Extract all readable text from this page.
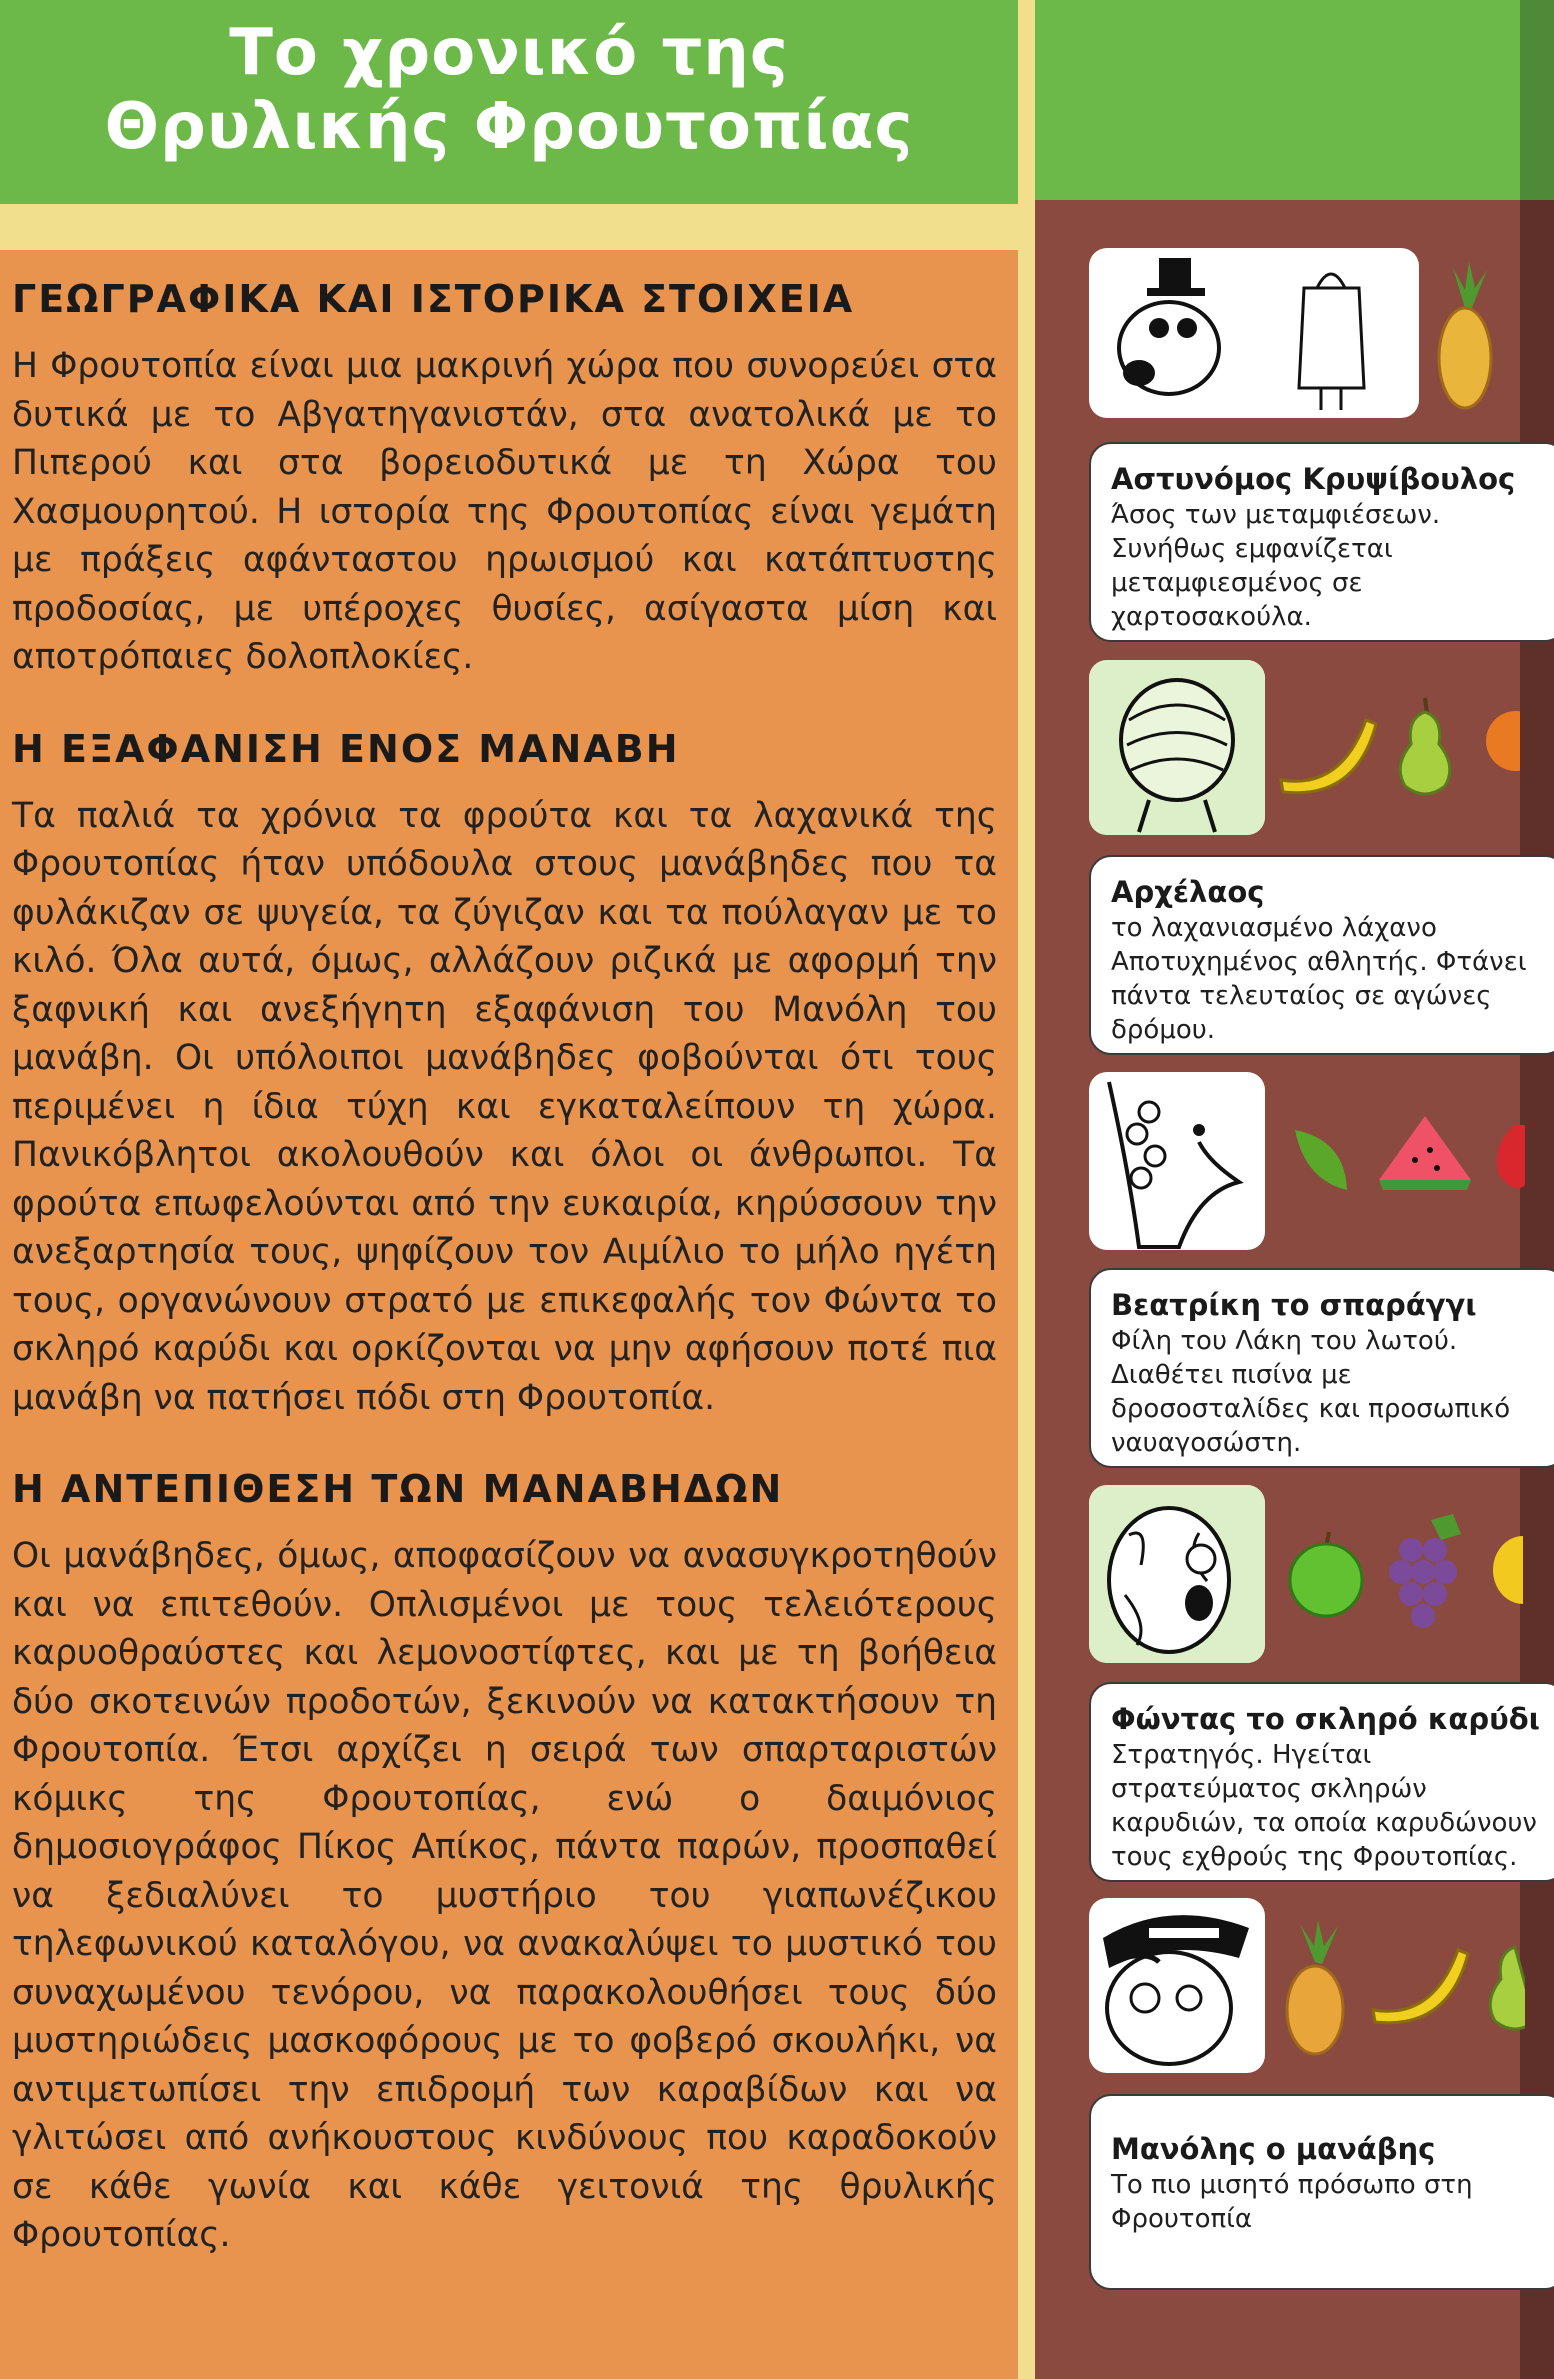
Το χρονικό της
Θρυλικής Φρουτοπίας
ΓΕΩΓΡΑΦΙΚΑ ΚΑΙ ΙΣΤΟΡΙΚΑ ΣΤΟΙΧΕΙΑ

Η Φρουτοπία είναι μια μακρινή χώρα που συνορεύει στα δυτικά με το Αβγατηγανιστάν, στα ανατολικά με το Πιπερού και στα βορειοδυτικά με τη Χώρα του Χασμουρητού. Η ιστορία της Φρουτοπίας είναι γεμάτη με πράξεις αφάνταστου ηρωισμού και κατάπτυστης προδοσίας, με υπέροχες θυσίες, ασίγαστα μίση και αποτρόπαιες δολοπλοκίες.

Η ΕΞΑΦΑΝΙΣΗ ΕΝΟΣ ΜΑΝΑΒΗ

Τα παλιά τα χρόνια τα φρούτα και τα λαχανικά της Φρουτοπίας ήταν υπόδουλα στους μανάβηδες που τα φυλάκιζαν σε ψυγεία, τα ζύγιζαν και τα πούλαγαν με το κιλό. Όλα αυτά, όμως, αλλάζουν ριζικά με αφορμή την ξαφνική και ανεξήγητη εξαφάνιση του Μανόλη του μανάβη. Οι υπόλοιποι μανάβηδες φοβούνται ότι τους περιμένει η ίδια τύχη και εγκαταλείπουν τη χώρα. Πανικόβλητοι ακολουθούν και όλοι οι άνθρωποι. Τα φρούτα επωφελούνται από την ευκαιρία, κηρύσσουν την ανεξαρτησία τους, ψηφίζουν τον Αιμίλιο το μήλο ηγέτη τους, οργανώνουν στρατό με επικεφαλής τον Φώντα το σκληρό καρύδι και ορκίζονται να μην αφήσουν ποτέ πια μανάβη να πατήσει πόδι στη Φρουτοπία.

Η ΑΝΤΕΠΙΘΕΣΗ ΤΩΝ ΜΑΝΑΒΗΔΩΝ

Οι μανάβηδες, όμως, αποφασίζουν να ανασυγκροτηθούν και να επιτεθούν. Οπλισμένοι με τους τελειότερους καρυοθραύστες και λεμονοστίφτες, και με τη βοήθεια δύο σκοτεινών προδοτών, ξεκινούν να κατακτήσουν τη Φρουτοπία. Έτσι αρχίζει η σειρά των σπαρταριστών κόμικς της Φρουτοπίας, ενώ ο δαιμόνιος δημοσιογράφος Πίκος Απίκος, πάντα παρών, προσπαθεί να ξεδιαλύνει το μυστήριο του γιαπωνέζικου τηλεφωνικού καταλόγου, να ανακαλύψει το μυστικό του συναχωμένου τενόρου, να παρακολουθήσει τους δύο μυστηριώδεις μασκοφόρους με το φοβερό σκουλήκι, να αντιμετωπίσει την επιδρομή των καραβίδων και να γλιτώσει από ανήκουστους κινδύνους που καραδοκούν σε κάθε γωνία και κάθε γειτονιά της θρυλικής Φρουτοπίας.

Αστυνόμος Κρυψίβουλος
Άσος των μεταμφιέσεων. Συνήθως εμφανίζεται μεταμφιεσμένος σε χαρτοσακούλα.
Αρχέλαος
το λαχανιασμένο λάχανο Αποτυχημένος αθλητής. Φτάνει πάντα τελευταίος σε αγώνες δρόμου.
Βεατρίκη το σπαράγγι
Φίλη του Λάκη του λωτού. Διαθέτει πισίνα με δροσοσταλίδες και προσωπικό ναυαγοσώστη.
Φώντας το σκληρό καρύδι
Στρατηγός. Ηγείται στρατεύματος σκληρών καρυδιών, τα οποία καρυδώνουν τους εχθρούς της Φρουτοπίας.
Μανόλης ο μανάβης
Το πιο μισητό πρόσωπο στη Φρουτοπία
